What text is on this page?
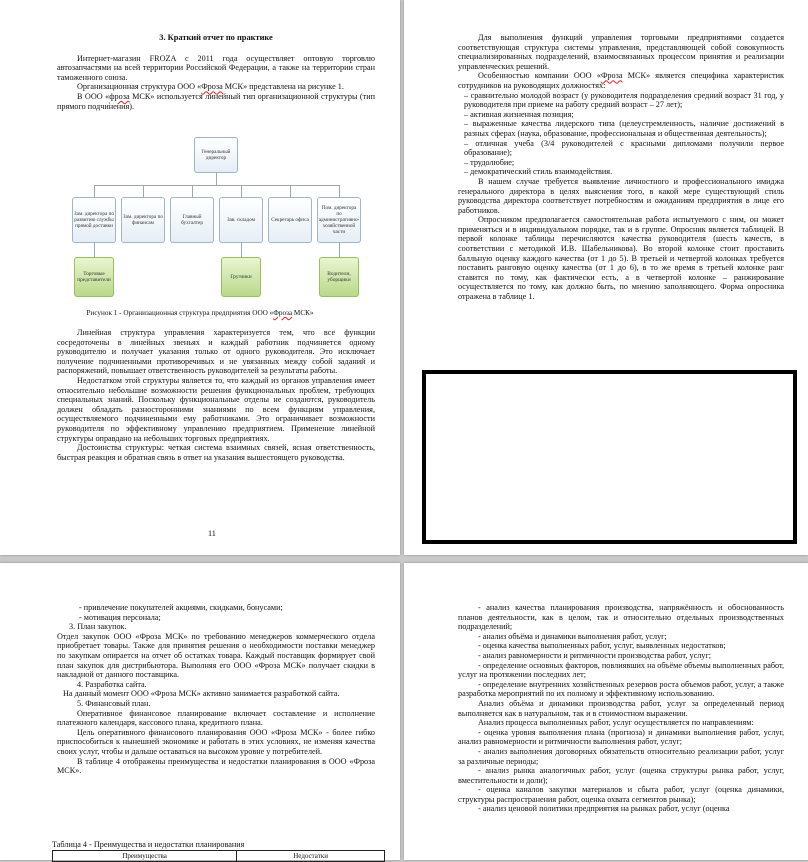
3. Краткий отчет по практике

Интернет-магазин FROZA с 2011 года осуществляет оптовую торговлю автозапчастями на всей территории Российской Федерации, а также на территории стран таможенного союза.

Организационная структура ООО «Фроза МСК» представлена на рисунке 1.

В ООО «фроза МСК» используется линейный тип организационной структуры (тип прямого подчинения).

Генеральный директор
Зам. директора по развитию службы прямой доставки
Зам. директора по финансам
Главный бухгалтер	Зав. складом	Секретарь офиса
Пом. директора по административно-хозяйственной части
Торговые представители
Грузчики
Водители, уборщики
Рисунок 1 - Организационная структура предприятия ООО «Фроза МСК»

Линейная структура управления характеризуется тем, что все функции сосредоточены в линейных звеньях и каждый работник подчиняется одному руководителю и получает указания только от одного руководителя. Это исключает получение подчиненными противоречивых и не увязанных между собой заданий и распоряжений, повышает ответственность руководителей за результаты работы.

Недостатком этой структуры является то, что каждый из органов управления имеет относительно небольшие возможности решения функциональных проблем, требующих специальных знаний. Поскольку функциональные отделы не создаются, руководитель должен обладать разносторонними знаниями по всем функциям управления, осуществляемого подчиненными ему работниками. Это ограничивает возможности руководителя по эффективному управлению предприятием. Применение линейной структуры оправдано на небольших торговых предприятиях.

Достоинства структуры: четкая система взаимных связей, ясная ответственность, быстрая реакция и обратная связь в ответ на указания вышестоящего руководства.

11

Для выполнения функций управления торговыми предприятиями создается соответствующая структура системы управления, представляющей собой совокупность специализированных подразделений, взаимосвязанных процессом принятия и реализации управленческих решений.

Особенностью компании ООО «Фроза МСК» является специфика характеристик сотрудников на руководящих должностях:

– сравнительно молодой возраст (у руководителя подразделения средний возраст 31 год, у руководителя при приеме на работу средний возраст – 27 лет);

– активная жизненная позиция;

– выраженные качества лидерского типа (целеустремленность, наличие достижений в разных сферах (наука, образование, профессиональная и общественная деятельность);

– отличная учеба (3/4 руководителей с красными дипломами получили первое образование);

– трудолюбие;

– демократический стиль взаимодействия.

В нашем случае требуется выявление личностного и профессионального имиджа генерального директора в целях выяснения того, в какой мере существующий стиль руководства директора соответствует потребностям и ожиданиям предприятия в лице его работников.

Опросником предполагается самостоятельная работа испытуемого с ним, он может применяться и в индивидуальном порядке, так и в группе. Опросник является таблицей. В первой колонке таблицы перечисляются качества руководителя (шесть качеств, в соответствии с методикой И.В. Шабельникова). Во второй колонке стоит проставить балльную оценку каждого качества (от 1 до 5). В третьей и четвертой колонках требуется поставить ранговую оценку качества (от 1 до 6), в то же время в третьей колонке ранг ставится по тому, как фактически есть, а в четвертой колонке – ранжирование осуществляется по тому, как должно быть, по мнению заполняющего. Форма опросника отражена в таблице 1.

- привлечение покупателей акциями, скидками, бонусами;

- мотивация персонала;

3. План закупок.

Отдел закупок ООО «Фроза МСК» по требованию менеджеров коммерческого отдела приобретает товары. Также для принятия решения о необходимости поставки менеджер по закупкам опирается на отчет об остатках товара. Каждый поставщик формирует свой план закупок для дистрибьютора. Выполняя его ООО «Фроза МСК» получает скидки в накладной от данного поставщика.

4. Разработка сайта.

На данный момент ООО «Фроза МСК» активно занимается разработкой сайта.

5. Финансовый план.

Оперативное финансовое планирование включает составление и исполнение платежного календаря, кассового плана, кредитного плана.

Цель оперативного финансового планирования ООО «Фроза МСК» - более гибко приспособиться к нынешней экономике и работать в этих условиях, не изменяя качества своих услуг, чтобы и дальше оставаться на высоком уровне у потребителей.

В таблице 4 отображены преимущества и недостатки планирования в ООО «Фроза МСК».

Таблица 4 - Преимущества и недостатки планирования

Преимущества	Недостатки

- анализ качества планирования производства, напряжённость и обоснованность планов деятельности, как в целом, так и относительно отдельных производственных подразделений;

- анализ объёма и динамики выполнения работ, услуг;

- оценка качества выполненных работ, услуг, выявленных недостатков;

- анализ равномерности и ритмичности производства работ, услуг;

- определение основных факторов, повлиявших на объёме объемы выполненных работ, услуг на протяжении последних лет;

- определение внутренних хозяйственных резервов роста объемов работ, услуг, а также разработка мероприятий по их полному и эффективному использованию.

Анализ объёма и динамики производства работ, услуг за определенный период выполняется как в натуральном, так и в стоимостном выражении.

Анализ процесса выполненных работ, услуг осуществляется по направлениям:

- оценка уровня выполнения плана (прогноза) и динамики выполнения работ, услуг, анализ равномерности и ритмичности выполнения работ, услуг;

- анализ выполнения договорных обязательств относительно реализации работ, услуг за различные периоды;

- анализ рынка аналогичных работ, услуг (оценка структуры рынка работ, услуг, вместительности и доли);

- оценка каналов закупки материалов и сбыта работ, услуг (оценка динамики, структуры распространения работ, оценка охвата сегментов рынка);

- анализ ценовой политики предприятия на рынках работ, услуг (оценка
